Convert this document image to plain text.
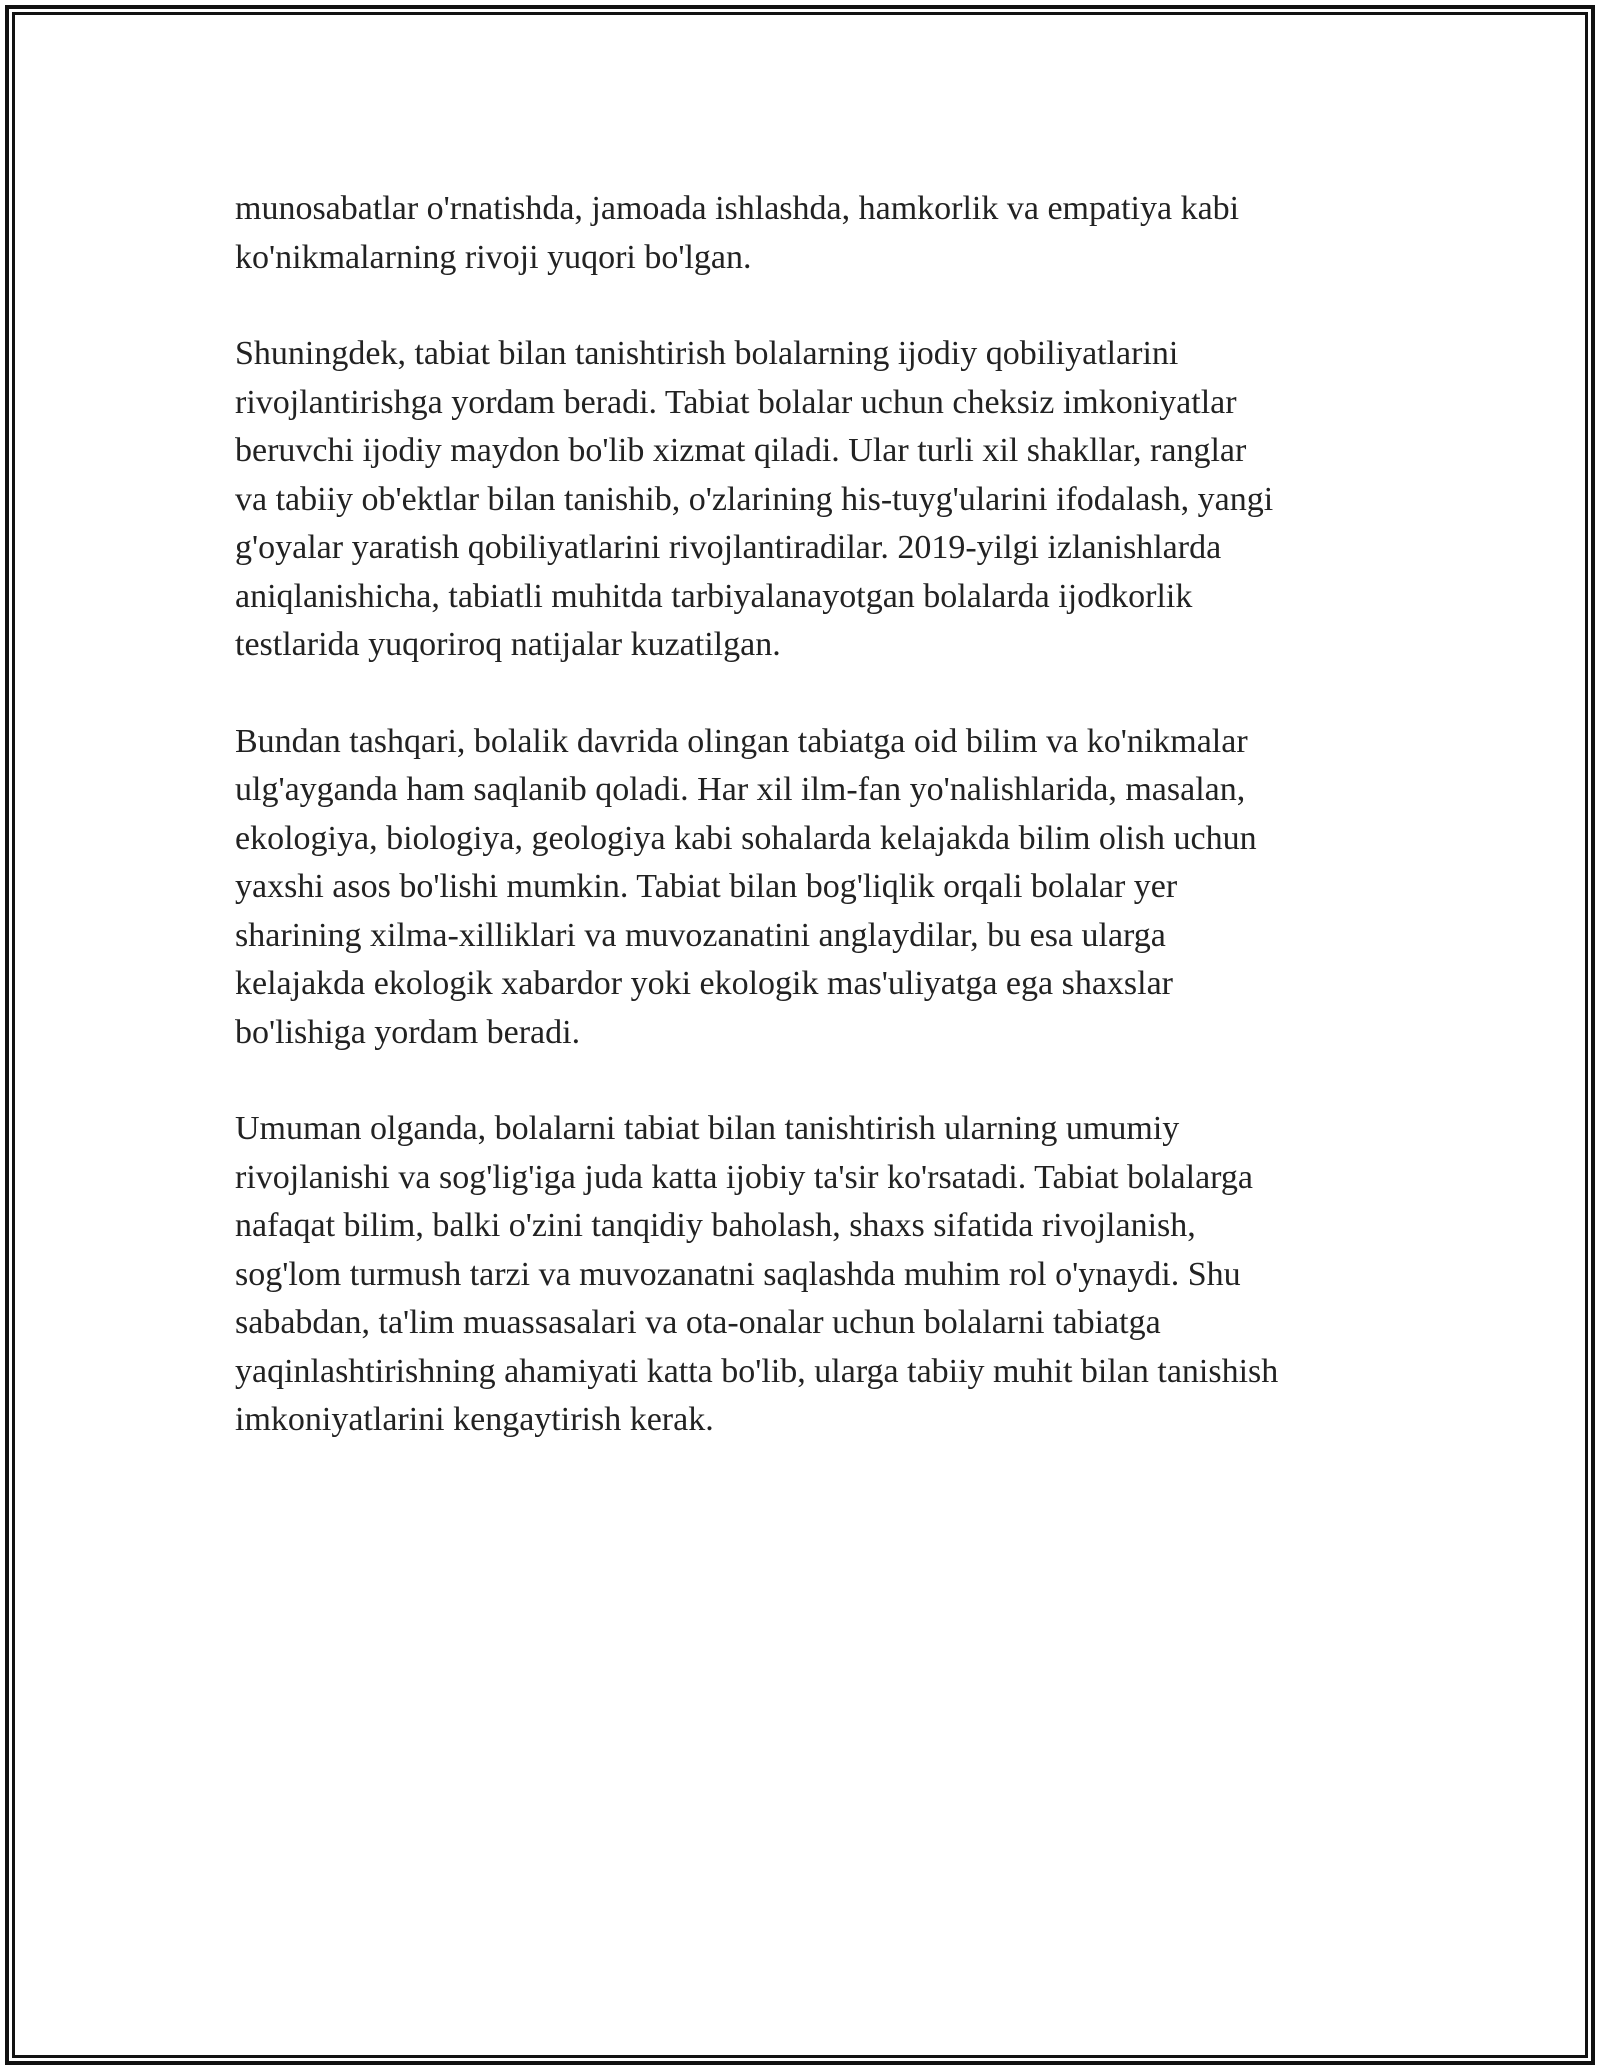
munosabatlar o'rnatishda, jamoada ishlashda, hamkorlik va empatiya kabi
ko'nikmalarning rivoji yuqori bo'lgan.

Shuningdek, tabiat bilan tanishtirish bolalarning ijodiy qobiliyatlarini
rivojlantirishga yordam beradi. Tabiat bolalar uchun cheksiz imkoniyatlar
beruvchi ijodiy maydon bo'lib xizmat qiladi. Ular turli xil shakllar, ranglar
va tabiiy ob'ektlar bilan tanishib, o'zlarining his-tuyg'ularini ifodalash, yangi
g'oyalar yaratish qobiliyatlarini rivojlantiradilar. 2019-yilgi izlanishlarda
aniqlanishicha, tabiatli muhitda tarbiyalanayotgan bolalarda ijodkorlik
testlarida yuqoriroq natijalar kuzatilgan.

Bundan tashqari, bolalik davrida olingan tabiatga oid bilim va ko'nikmalar
ulg'ayganda ham saqlanib qoladi. Har xil ilm-fan yo'nalishlarida, masalan,
ekologiya, biologiya, geologiya kabi sohalarda kelajakda bilim olish uchun
yaxshi asos bo'lishi mumkin. Tabiat bilan bog'liqlik orqali bolalar yer
sharining xilma-xilliklari va muvozanatini anglaydilar, bu esa ularga
kelajakda ekologik xabardor yoki ekologik mas'uliyatga ega shaxslar
bo'lishiga yordam beradi.

Umuman olganda, bolalarni tabiat bilan tanishtirish ularning umumiy
rivojlanishi va sog'lig'iga juda katta ijobiy ta'sir ko'rsatadi. Tabiat bolalarga
nafaqat bilim, balki o'zini tanqidiy baholash, shaxs sifatida rivojlanish,
sog'lom turmush tarzi va muvozanatni saqlashda muhim rol o'ynaydi. Shu
sababdan, ta'lim muassasalari va ota-onalar uchun bolalarni tabiatga
yaqinlashtirishning ahamiyati katta bo'lib, ularga tabiiy muhit bilan tanishish
imkoniyatlarini kengaytirish kerak.
